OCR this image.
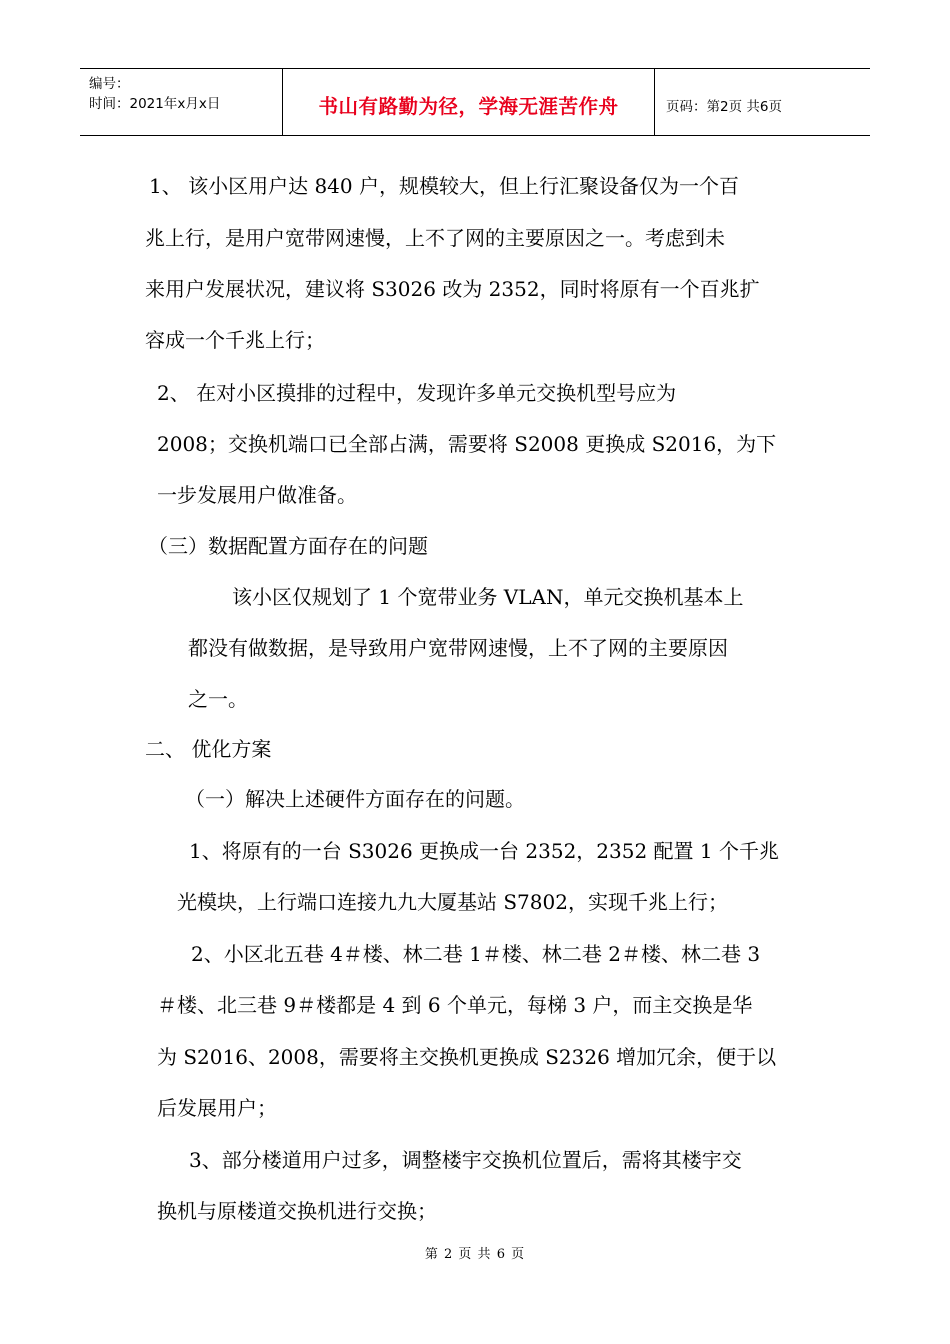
编号：
时间：2021年x月x日	书山有路勤为径，学海无涯苦作舟	页码：第2页 共6页
1、 该小区用户达 840 户，规模较大，但上行汇聚设备仅为一个百
兆上行，是用户宽带网速慢，上不了网的主要原因之一。考虑到未
来用户发展状况，建议将 S3026 改为 2352，同时将原有一个百兆扩
容成一个千兆上行；
2、 在对小区摸排的过程中，发现许多单元交换机型号应为
2008；交换机端口已全部占满，需要将 S2008 更换成 S2016，为下
一步发展用户做准备。
（三）数据配置方面存在的问题
该小区仅规划了 1 个宽带业务 VLAN，单元交换机基本上
都没有做数据，是导致用户宽带网速慢，上不了网的主要原因
之一。
二、 优化方案
（一）解决上述硬件方面存在的问题。
1、将原有的一台 S3026 更换成一台 2352，2352 配置 1 个千兆
光模块，上行端口连接九九大厦基站 S7802，实现千兆上行；
2、小区北五巷 4＃楼、林二巷 1＃楼、林二巷 2＃楼、林二巷 3
＃楼、北三巷 9＃楼都是 4 到 6 个单元，每梯 3 户，而主交换是华
为 S2016、2008，需要将主交换机更换成 S2326 增加冗余，便于以
后发展用户；
3、部分楼道用户过多，调整楼宇交换机位置后，需将其楼宇交
换机与原楼道交换机进行交换；
第 2 页 共 6 页
